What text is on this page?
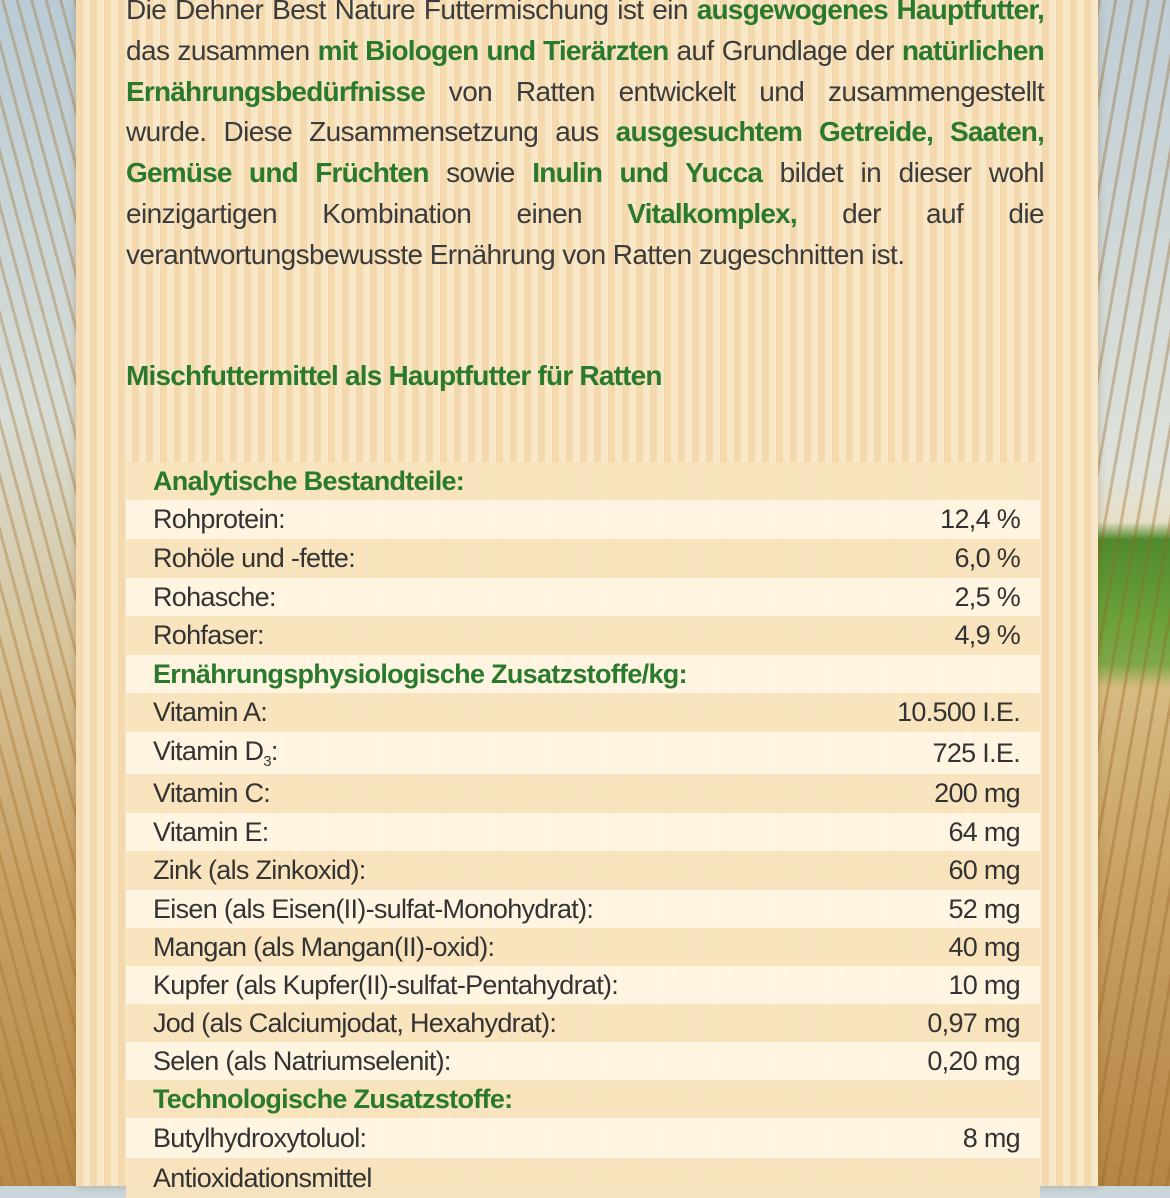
Die Dehner Best Nature Futtermischung ist ein ausgewogenes Hauptfutter, das zusammen mit Biologen und Tierärzten auf Grundlage der natürlichen Ernährungsbedürfnisse von Ratten entwickelt und zusammengestellt wurde. Diese Zusammensetzung aus ausgesuchtem Getreide, Saaten, Gemüse und Früchten sowie Inulin und Yucca bildet in dieser wohl einzigartigen Kombination einen Vitalkomplex, der auf die verantwortungsbewusste Ernährung von Ratten zugeschnitten ist.
Mischfuttermittel als Hauptfutter für Ratten
Analytische Bestandteile:
Rohprotein:	12,4 %
Rohöle und -fette:	6,0 %
Rohasche:	2,5 %
Rohfaser:	4,9 %
Ernährungsphysiologische Zusatzstoffe/kg:
Vitamin A:	10.500 I.E.
Vitamin $D_3$:	725 I.E.
Vitamin C:	200 mg
Vitamin E:	64 mg
Zink (als Zinkoxid):	60 mg
Eisen (als Eisen(II)-sulfat-Monohydrat):	52 mg
Mangan (als Mangan(II)-oxid):	40 mg
Kupfer (als Kupfer(II)-sulfat-Pentahydrat):	10 mg
Jod (als Calciumjodat, Hexahydrat):	0,97 mg
Selen (als Natriumselenit):	0,20 mg
Technologische Zusatzstoffe:
Butylhydroxytoluol:	8 mg
Antioxidationsmittel
